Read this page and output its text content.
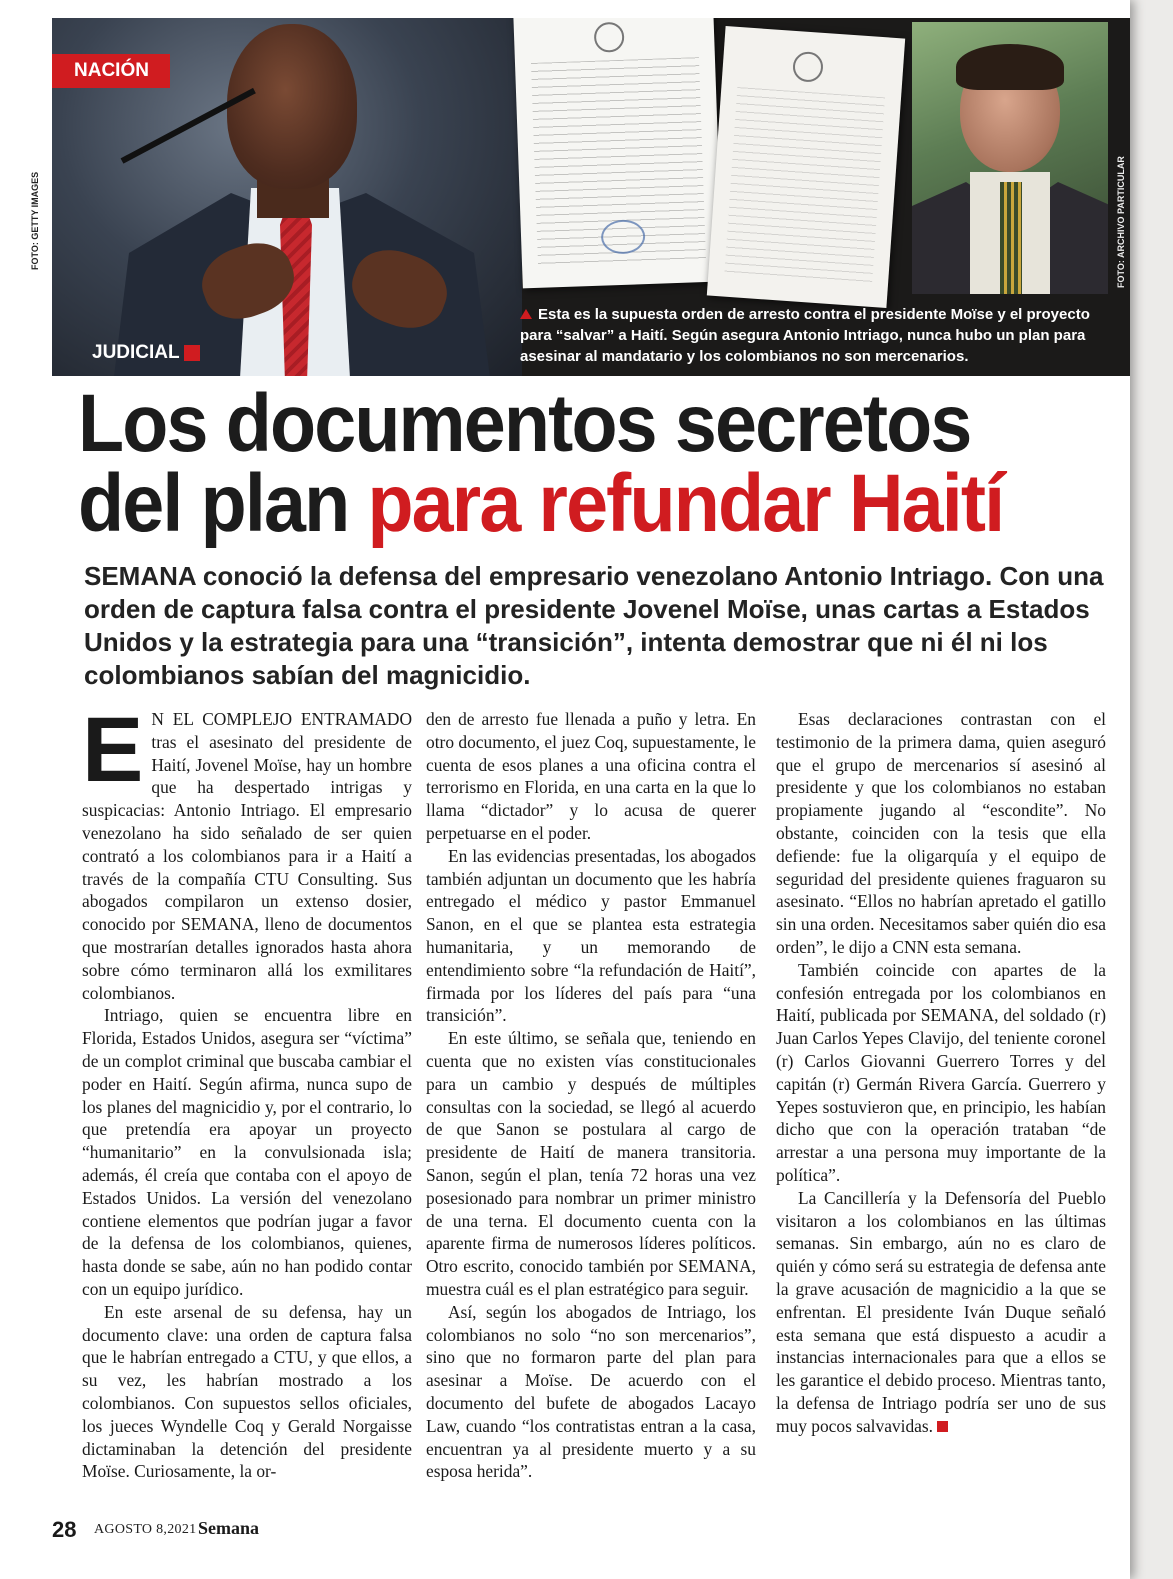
NACIÓN
JUDICIAL
FOTO: ARCHIVO PARTICULAR
Esta es la supuesta orden de arresto contra el presidente Moïse y el proyecto para “salvar” a Haití. Según asegura Antonio Intriago, nunca hubo un plan para asesinar al mandatario y los colombianos no son mercenarios.
FOTO: GETTY IMAGES
Los documentos secretos
del plan para refundar Haití
SEMANA conoció la defensa del empresario venezolano Antonio Intriago. Con una orden de captura falsa contra el presidente Jovenel Moïse, unas cartas a Estados Unidos y la estrategia para una “transición”, intenta demostrar que ni él ni los colombianos sabían del magnicidio.
E N EL COMPLEJO ENTRAMADO tras el asesinato del presidente de Haití, Jovenel Moïse, hay un hombre que ha despertado intrigas y suspicacias: Antonio Intriago. El empresario venezolano ha sido señalado de ser quien contrató a los colombianos para ir a Haití a través de la compañía CTU Consulting. Sus abogados compilaron un extenso dosier, conocido por SEMANA, lleno de documentos que mostrarían detalles ignorados hasta ahora sobre cómo terminaron allá los exmilitares colombianos.

Intriago, quien se encuentra libre en Florida, Estados Unidos, asegura ser “víctima” de un complot criminal que buscaba cambiar el poder en Haití. Según afirma, nunca supo de los planes del magnicidio y, por el contrario, lo que pretendía era apoyar un proyecto “humanitario” en la convulsionada isla; además, él creía que contaba con el apoyo de Estados Unidos. La versión del venezolano contiene elementos que podrían jugar a favor de la defensa de los colombianos, quienes, hasta donde se sabe, aún no han podido contar con un equipo jurídico.

En este arsenal de su defensa, hay un documento clave: una orden de captura falsa que le habrían entregado a CTU, y que ellos, a su vez, les habrían mostrado a los colombianos. Con supuestos sellos oficiales, los jueces Wyndelle Coq y Gerald Norgaisse dictaminaban la detención del presidente Moïse. Curiosamente, la or-

den de arresto fue llenada a puño y letra. En otro documento, el juez Coq, supuestamente, le cuenta de esos planes a una oficina contra el terrorismo en Florida, en una carta en la que lo llama “dictador” y lo acusa de querer perpetuarse en el poder.

En las evidencias presentadas, los abogados también adjuntan un documento que les habría entregado el médico y pastor Emmanuel Sanon, en el que se plantea esta estrategia humanitaria, y un memorando de entendimiento sobre “la refundación de Haití”, firmada por los líderes del país para “una transición”.

En este último, se señala que, teniendo en cuenta que no existen vías constitucionales para un cambio y después de múltiples consultas con la sociedad, se llegó al acuerdo de que Sanon se postulara al cargo de presidente de Haití de manera transitoria. Sanon, según el plan, tenía 72 horas una vez posesionado para nombrar un primer ministro de una terna. El documento cuenta con la aparente firma de numerosos líderes políticos. Otro escrito, conocido también por SEMANA, muestra cuál es el plan estratégico para seguir.

Así, según los abogados de Intriago, los colombianos no solo “no son mercenarios”, sino que no formaron parte del plan para asesinar a Moïse. De acuerdo con el documento del bufete de abogados Lacayo Law, cuando “los contratistas entran a la casa, encuentran ya al presidente muerto y a su esposa herida”.

Esas declaraciones contrastan con el testimonio de la primera dama, quien aseguró que el grupo de mercenarios sí asesinó al presidente y que los colombianos no estaban propiamente jugando al “escondite”. No obstante, coinciden con la tesis que ella defiende: fue la oligarquía y el equipo de seguridad del presidente quienes fraguaron su asesinato. “Ellos no habrían apretado el gatillo sin una orden. Necesitamos saber quién dio esa orden”, le dijo a CNN esta semana.

También coincide con apartes de la confesión entregada por los colombianos en Haití, publicada por SEMANA, del soldado (r) Juan Carlos Yepes Clavijo, del teniente coronel (r) Carlos Giovanni Guerrero Torres y del capitán (r) Germán Rivera García. Guerrero y Yepes sostuvieron que, en principio, les habían dicho que con la operación trataban “de arrestar a una persona muy importante de la política”.

La Cancillería y la Defensoría del Pueblo visitaron a los colombianos en las últimas semanas. Sin embargo, aún no es claro de quién y cómo será su estrategia de defensa ante la grave acusación de magnicidio a la que se enfrentan. El presidente Iván Duque señaló esta semana que está dispuesto a acudir a instancias internacionales para que a ellos se les garantice el debido proceso. Mientras tanto, la defensa de Intriago podría ser uno de sus muy pocos salvavidas.

28 AGOSTO 8,2021 Semana
